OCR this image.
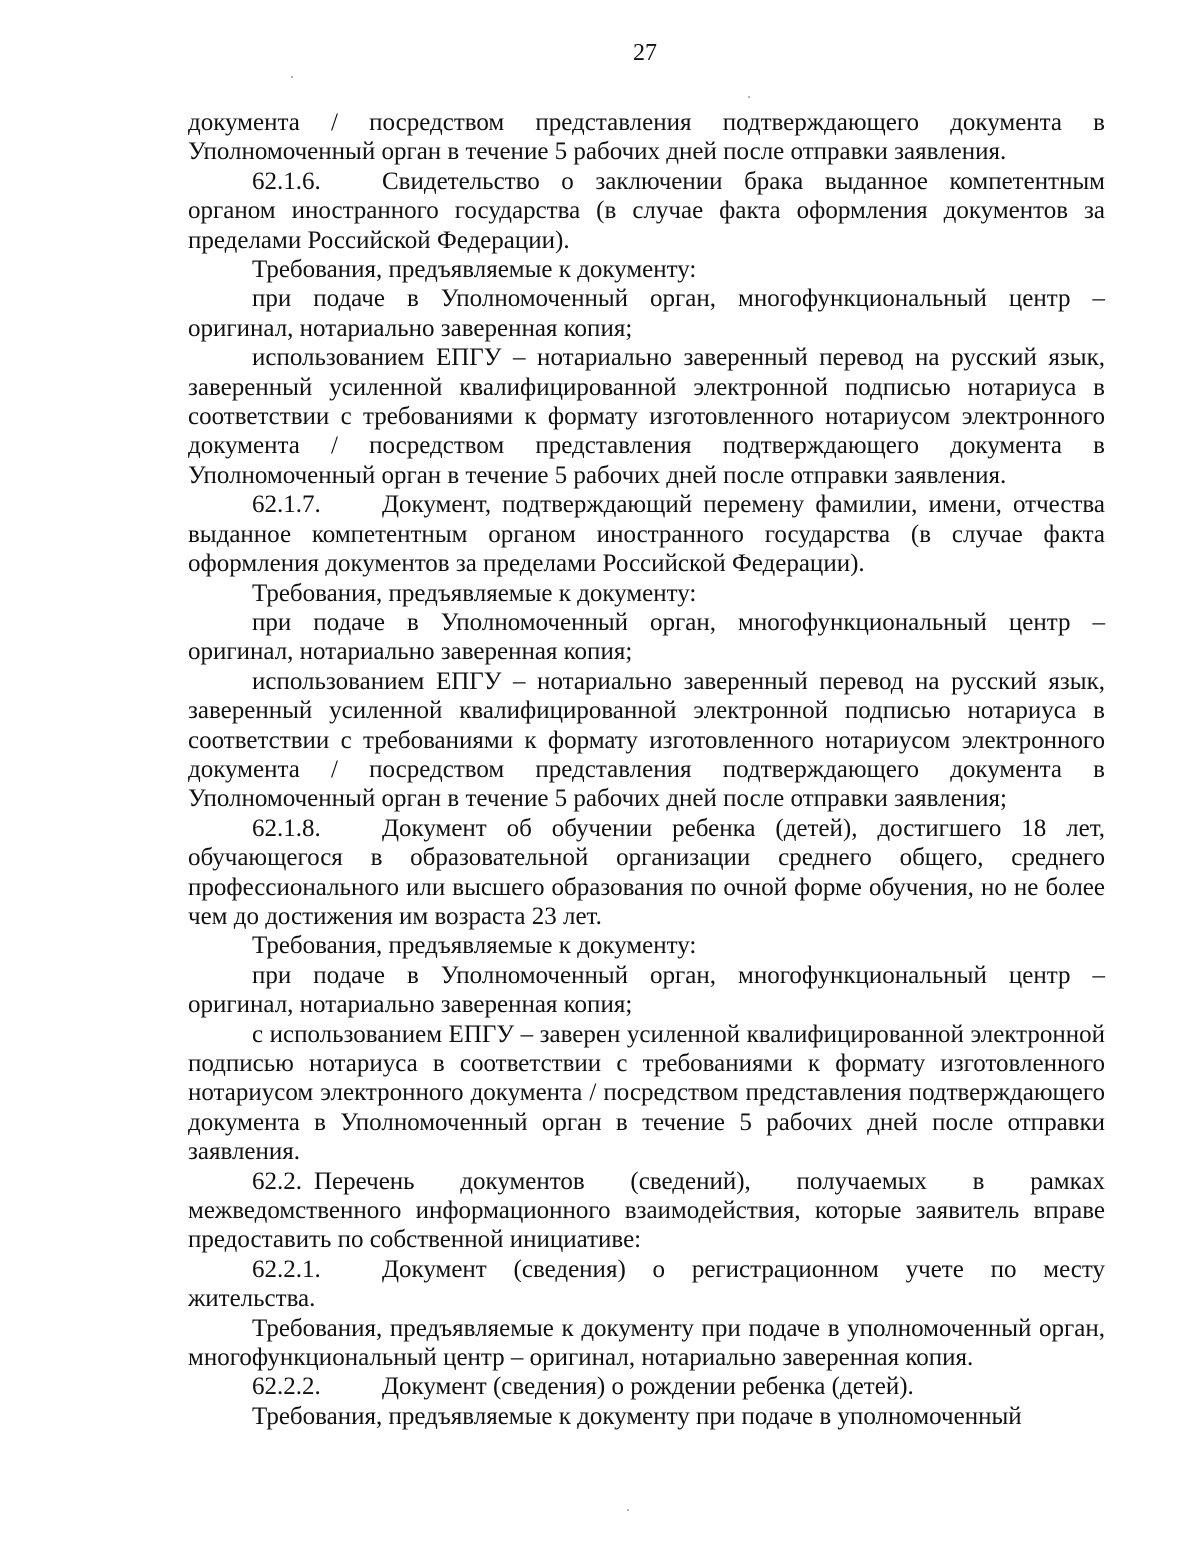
27

документа / посредством представления подтверждающего документа в Уполномоченный орган в течение 5 рабочих дней после отправки заявления.

62.1.6. Свидетельство о заключении брака выданное компетентным органом иностранного государства (в случае факта оформления документов за пределами Российской Федерации).

Требования, предъявляемые к документу:

при подаче в Уполномоченный орган, многофункциональный центр – оригинал, нотариально заверенная копия;

использованием ЕПГУ – нотариально заверенный перевод на русский язык, заверенный усиленной квалифицированной электронной подписью нотариуса в соответствии с требованиями к формату изготовленного нотариусом электронного документа / посредством представления подтверждающего документа в Уполномоченный орган в течение 5 рабочих дней после отправки заявления.

62.1.7. Документ, подтверждающий перемену фамилии, имени, отчества выданное компетентным органом иностранного государства (в случае факта оформления документов за пределами Российской Федерации).

Требования, предъявляемые к документу:

при подаче в Уполномоченный орган, многофункциональный центр – оригинал, нотариально заверенная копия;

использованием ЕПГУ – нотариально заверенный перевод на русский язык, заверенный усиленной квалифицированной электронной подписью нотариуса в соответствии с требованиями к формату изготовленного нотариусом электронного документа / посредством представления подтверждающего документа в Уполномоченный орган в течение 5 рабочих дней после отправки заявления;

62.1.8. Документ об обучении ребенка (детей), достигшего 18 лет, обучающегося в образовательной организации среднего общего, среднего профессионального или высшего образования по очной форме обучения, но не более чем до достижения им возраста 23 лет.

Требования, предъявляемые к документу:

при подаче в Уполномоченный орган, многофункциональный центр – оригинал, нотариально заверенная копия;

с использованием ЕПГУ – заверен усиленной квалифицированной электронной подписью нотариуса в соответствии с требованиями к формату изготовленного нотариусом электронного документа / посредством представления подтверждающего документа в Уполномоченный орган в течение 5 рабочих дней после отправки заявления.

62.2. Перечень документов (сведений), получаемых в рамках межведомственного информационного взаимодействия, которые заявитель вправе предоставить по собственной инициативе:

62.2.1. Документ (сведения) о регистрационном учете по месту жительства.

Требования, предъявляемые к документу при подаче в уполномоченный орган, многофункциональный центр – оригинал, нотариально заверенная копия.

62.2.2. Документ (сведения) о рождении ребенка (детей).

Требования, предъявляемые к документу при подаче в уполномоченный
